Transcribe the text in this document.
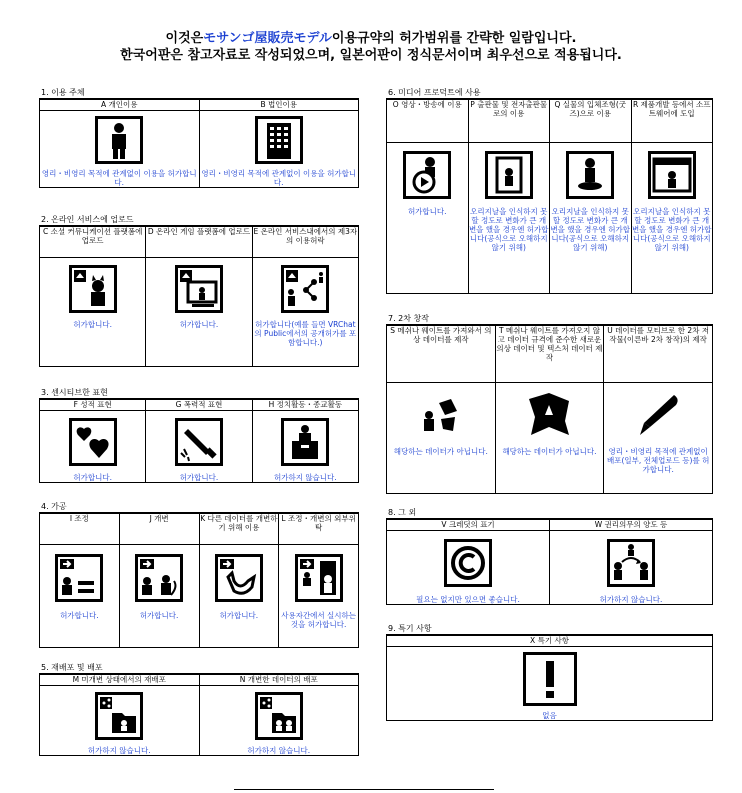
이것은モサンゴ屋販売モデル이용규약의 허가범위를 간략한 일람입니다.
한국어판은 참고자료로 작성되었으며, 일본어판이 정식문서이며 최우선으로 적용됩니다.
1. 이용 주체
A 개인이용	B 법인이용

영리・비영리 목적에 관계없이 이용을 허가합니다.	영리・비영리 목적에 관계없이 이용을 허가합니다.
2. 온라인 서비스에 업로드
C 소셜 커뮤니케이션 플랫폼에 업로드	D 온라인 게임 플랫폼에 업로드	E 온라인 서비스내에서의 제3자의 이용허락

허가합니다.	허가합니다.	허가합니다(예를 들면 VRChat의 Public에서의 공개허가를 포함합니다.)
3. 센시티브한 표현
F 성적 표현	G 폭력적 표현	H 정치활동・종교활동

허가합니다.	허가합니다.	허가하지 않습니다.
4. 가공
I 조정	J 개변	K 다른 데이터를 개변하기 위해 이용	L 조정・개변의 외부위탁

허가합니다.	허가합니다.	허가합니다.	사용자간에서 실시하는 것을 허가합니다.
5. 재배포 및 배포
M 미개변 상태에서의 재배포	N 개변한 데이터의 배포

허가하지 않습니다.	허가하지 않습니다.
6. 미디어 프로덕트에 사용
O 영상・방송에 이용	P 출판물 및 전자출판물로의 이용	Q 실물의 입체조형(굿즈)으로 이용	R 제품개발 등에서 소프트웨어에 도입

허가합니다.	오리지날을 인식하지 못할 정도로 변화가 큰 개변을 했을 경우엔 허가합니다(공식으로 오해하지 않기 위해)	오리지날을 인식하지 못할 정도로 변화가 큰 개변을 했을 경우엔 허가합니다(공식으로 오해하지 않기 위해)	오리지날을 인식하지 못할 정도로 변화가 큰 개변을 했을 경우엔 허가합니다(공식으로 오해하지 않기 위해)
7. 2차 창작
S 메쉬나 웨이트를 가져와서 의상 데이터를 제작	T 메쉬나 웨이트를 가져오지 않고 데이터 규격에 준수한 새로운 의상 데이터 및 텍스처 데이터 제작	U 데이터를 모티브로 한 2차 저작물(이른바 2차 창작)의 제작

해당하는 데이터가 아닙니다.	해당하는 데이터가 아닙니다.	영리・비영리 목적에 관계없이 배포(일부, 전체업로드 등)를 허가합니다.
8. 그 외
V 크레딧의 표기	W 권리의무의 양도 등

필요는 없지만 있으면 좋습니다.	허가하지 않습니다.
9. 특기 사항
X 특기 사항

없음
